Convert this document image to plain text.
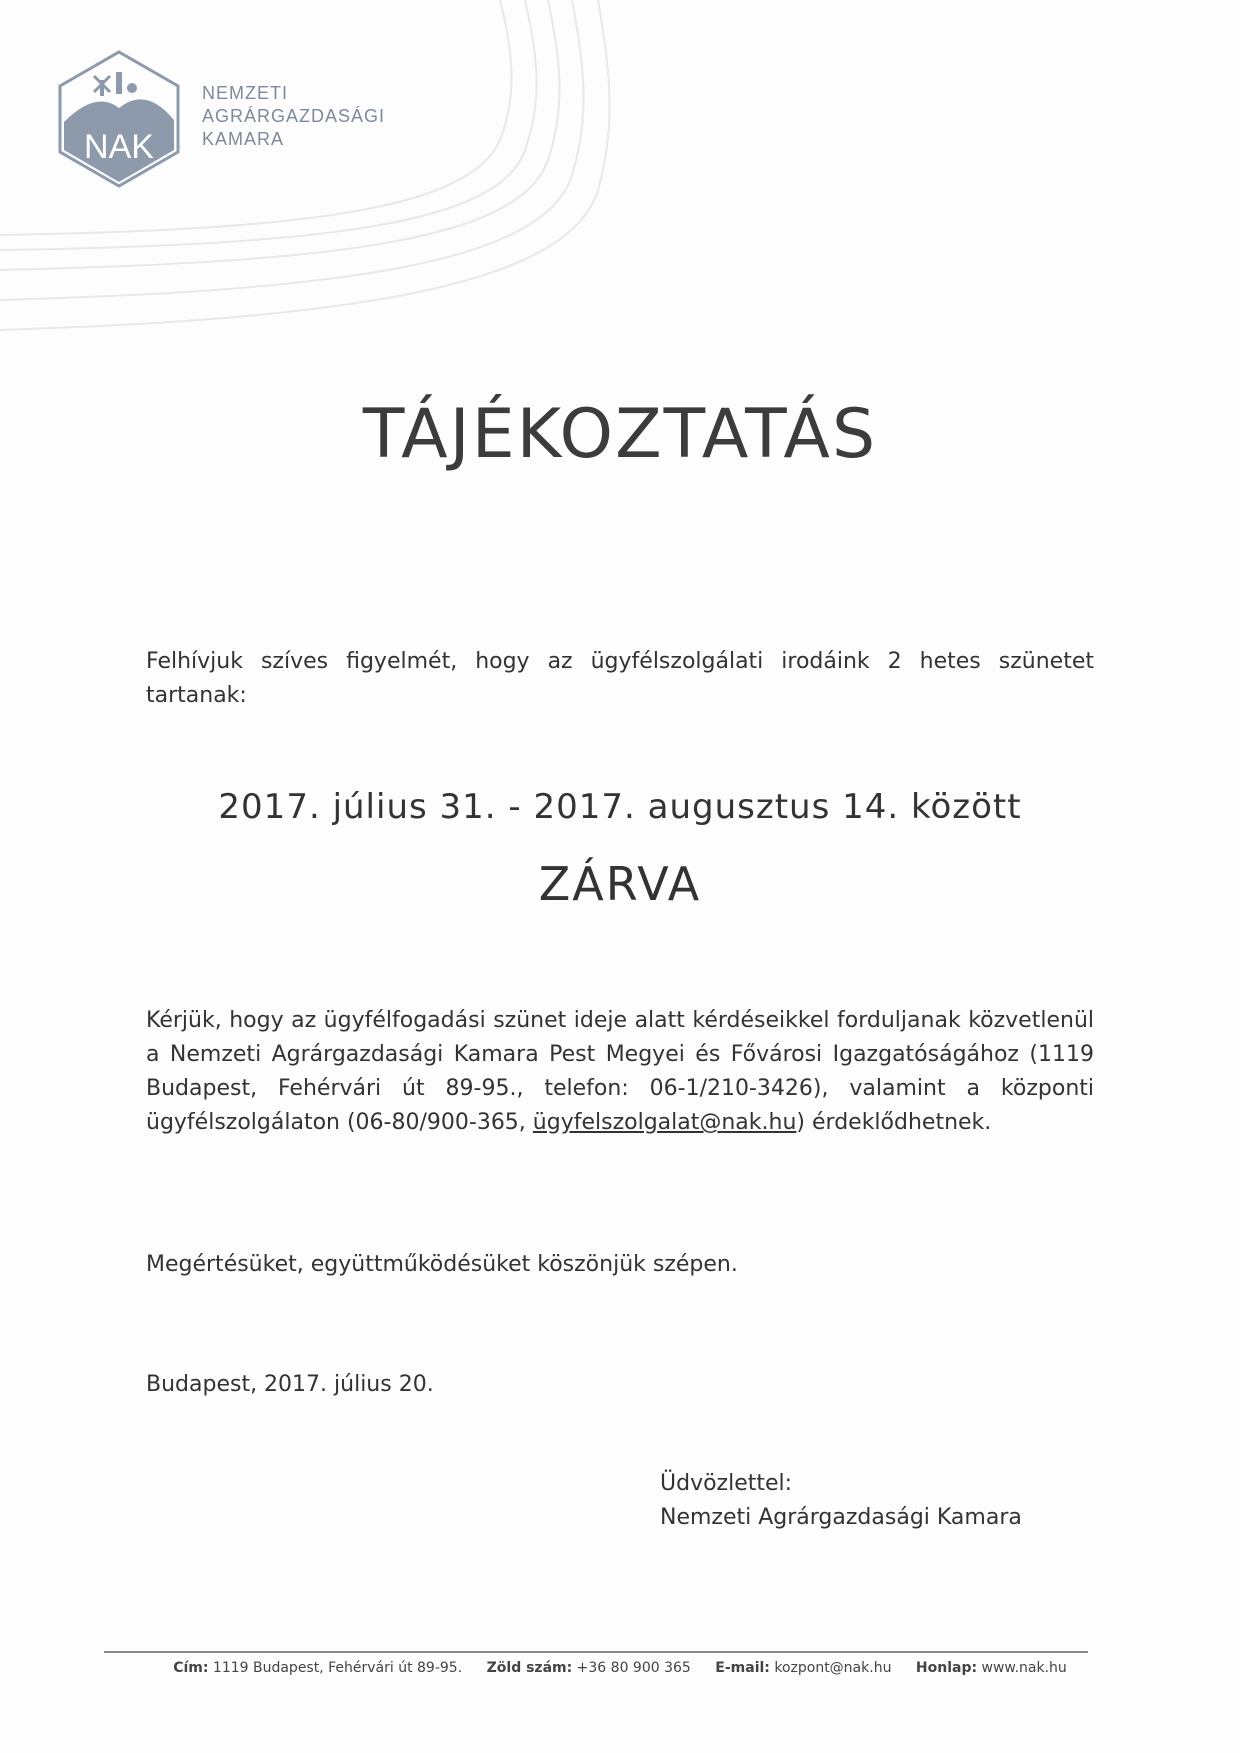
NAK
NEMZETI
AGRÁRGAZDASÁGI
KAMARA
TÁJÉKOZTATÁS
Felhívjuk szíves figyelmét, hogy az ügyfélszolgálati irodáink 2 hetes szünetet tartanak:
2017. július 31. - 2017. augusztus 14. között
ZÁRVA
Kérjük, hogy az ügyfélfogadási szünet ideje alatt kérdéseikkel forduljanak közvetlenül a Nemzeti Agrárgazdasági Kamara Pest Megyei és Fővárosi Igazgatóságához (1119 Budapest, Fehérvári út 89-95., telefon: 06-1/210-3426), valamint a központi ügyfélszolgálaton (06-80/900-365, ügyfelszolgalat@nak.hu) érdeklődhetnek.
Megértésüket, együttműködésüket köszönjük szépen.
Budapest, 2017. július 20.
Üdvözlettel:
Nemzeti Agrárgazdasági Kamara
Cím: 1119 Budapest, Fehérvári út 89-95. Zöld szám: +36 80 900 365 E-mail: kozpont@nak.hu Honlap: www.nak.hu
